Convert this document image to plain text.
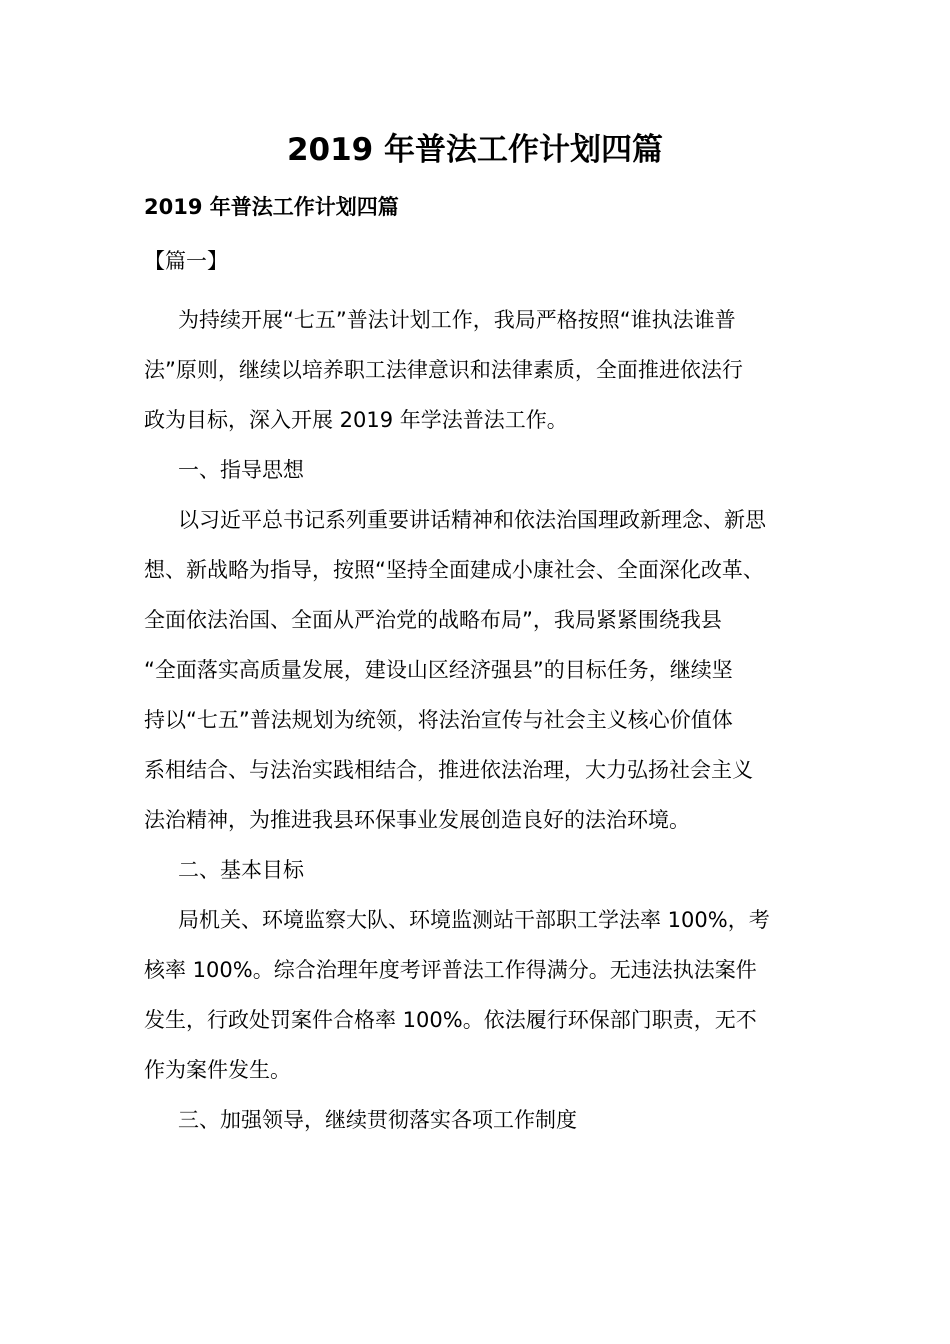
2019 年普法工作计划四篇
2019 年普法工作计划四篇
【篇一】

为持续开展“七五”普法计划工作，我局严格按照“谁执法谁普
法”原则，继续以培养职工法律意识和法律素质，全面推进依法行
政为目标，深入开展 2019 年学法普法工作。

一、指导思想

以习近平总书记系列重要讲话精神和依法治国理政新理念、新思
想、新战略为指导，按照“坚持全面建成小康社会、全面深化改革、
全面依法治国、全面从严治党的战略布局”，我局紧紧围绕我县
“全面落实高质量发展，建设山区经济强县”的目标任务，继续坚
持以“七五”普法规划为统领，将法治宣传与社会主义核心价值体
系相结合、与法治实践相结合，推进依法治理，大力弘扬社会主义
法治精神，为推进我县环保事业发展创造良好的法治环境。

二、基本目标

局机关、环境监察大队、环境监测站干部职工学法率 100%，考
核率 100%。综合治理年度考评普法工作得满分。无违法执法案件
发生，行政处罚案件合格率 100%。依法履行环保部门职责，无不
作为案件发生。

三、加强领导，继续贯彻落实各项工作制度
